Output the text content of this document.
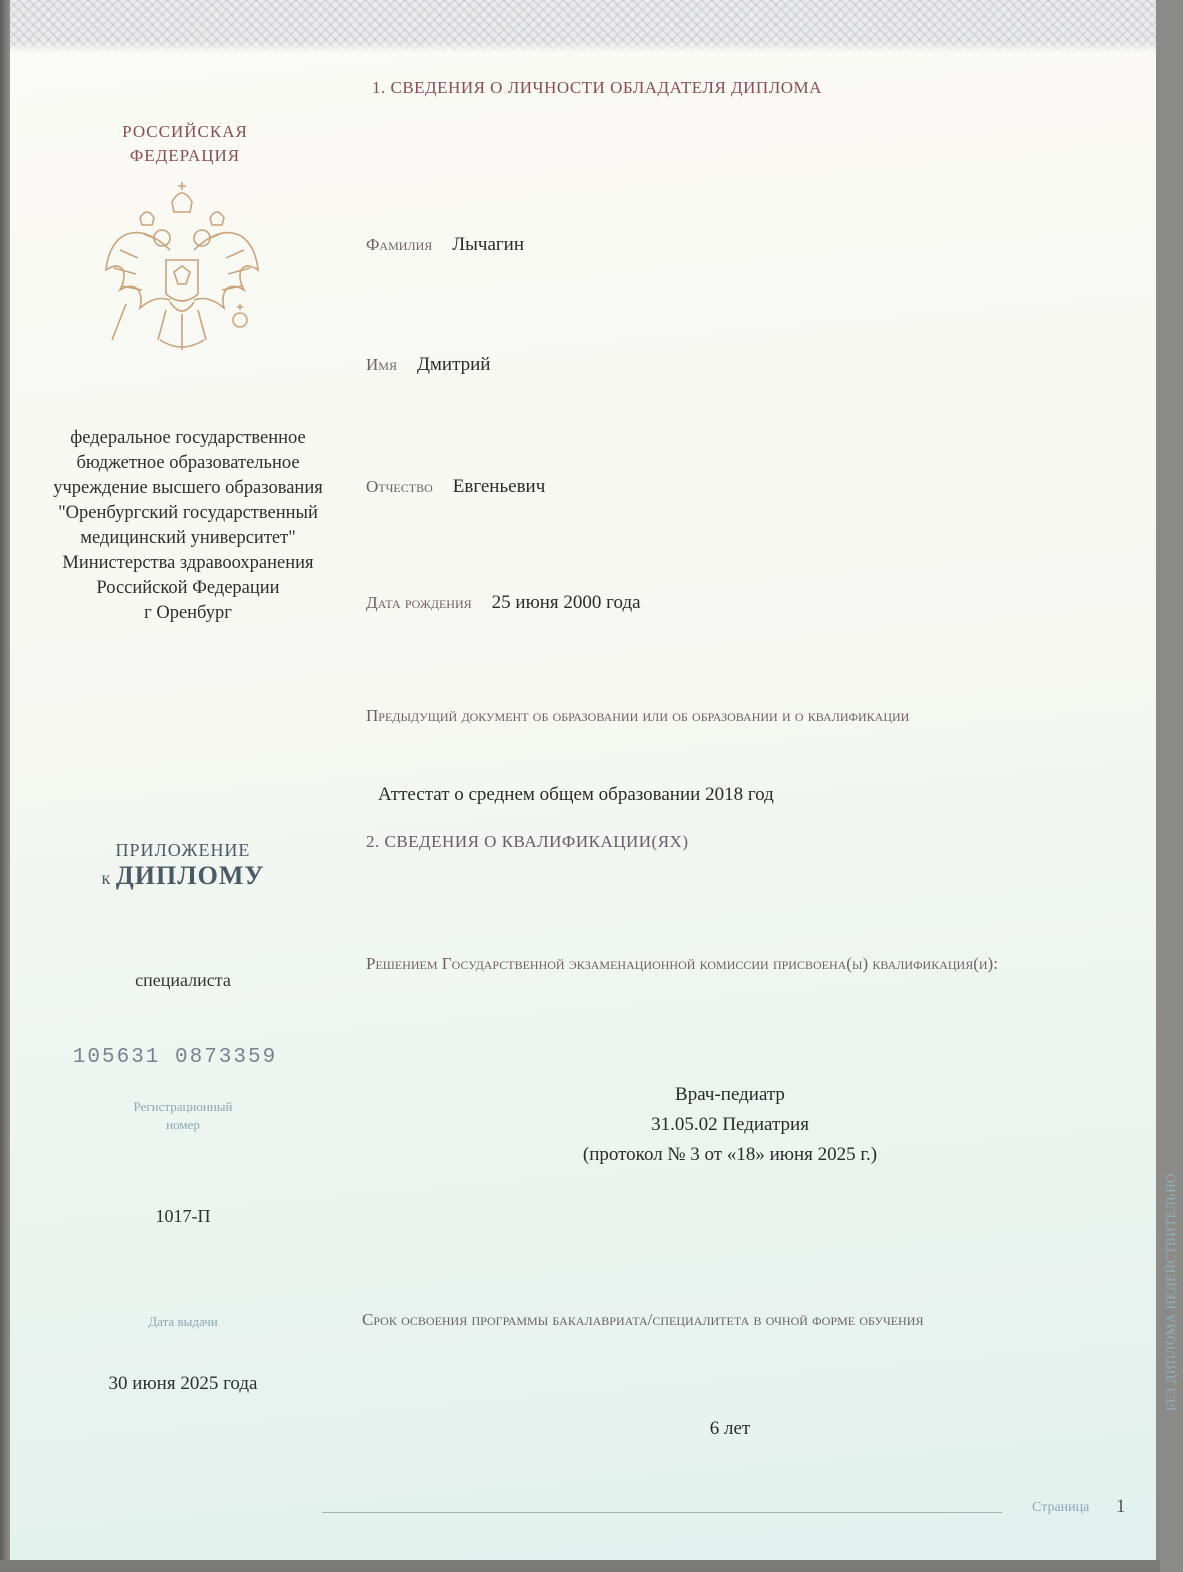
РОССИЙСКАЯ
ФЕДЕРАЦИЯ
федеральное государственное
бюджетное образовательное
учреждение высшего образования
"Оренбургский государственный
медицинский университет"
Министерства здравоохранения
Российской Федерации
г Оренбург
ПРИЛОЖЕНИЕ
к  ДИПЛОМУ
специалиста
105631 0873359
Регистрационный
номер
1017-П
Дата выдачи
30 июня 2025 года
1. СВЕДЕНИЯ О ЛИЧНОСТИ ОБЛАДАТЕЛЯ ДИПЛОМА
Фамилия Лычагин
Имя Дмитрий
Отчество Евгеньевич
Дата рождения 25 июня 2000 года
Предыдущий документ об образовании или об образовании и о квалификации
Аттестат о среднем общем образовании 2018 год
2. СВЕДЕНИЯ О КВАЛИФИКАЦИИ(ЯХ)
Решением Государственной экзаменационной комиссии присвоена(ы) квалификация(и):
Врач-педиатр
31.05.02 Педиатрия
(протокол № 3 от «18» июня 2025 г.)
Срок освоения программы бакалавриата/специалитета в очной форме обучения
6 лет
БЕЗ ДИПЛОМА НЕДЕЙСТВИТЕЛЬНО
Страница 1
